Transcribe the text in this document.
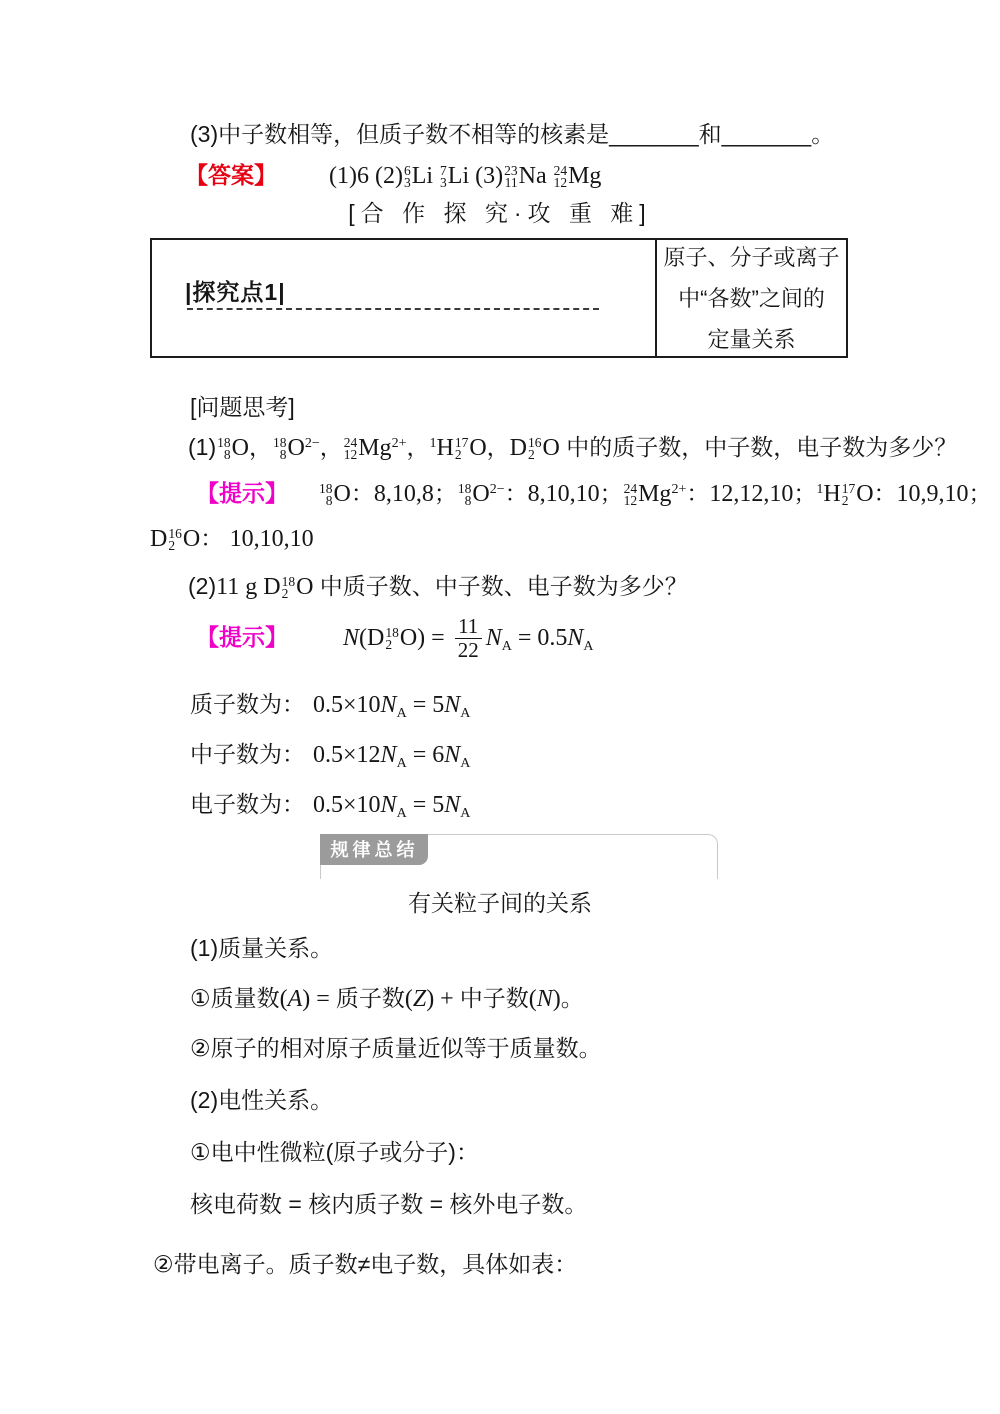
(3)中子数相等，但质子数不相等的核素是_______和_______。
【答案】 (1)6 (2) 6
3 Li 7
3 Li (3) 23
11 Na 24
12 Mg
[合 作 探 究·攻 重 难]
|探究点1|
原子、分子或离子
中“各数”之间的
定量关系
[问题思考]
(1) 18
8 O， 18
8 $O^{2-}$， 24
12 $Mg^{2+}$，$^1$H 17
2 O，D 16
2 O 中的质子数，中子数，电子数为多少？
【提示】 18
8 O：8,10,8； 18
8 $O^{2-}$：8,10,10； 24
12 $Mg^{2+}$：12,12,10；$^1$H 17
2 O：10,9,10；
D 16
2 O： 10,10,10
(2)11 g D 18
2 O 中质子数、中子数、电子数为多少？
【提示】 N(D 18
2 $O) = \frac{11}{22} N_A = 0.5N_A$
质子数为： $0.5\times 10N_A = 5N_A$
中子数为： $0.5\times 12N_A = 6N_A$
电子数为： $0.5\times 10N_A = 5N_A$
规律总结
有关粒子间的关系
(1)质量关系。
①质量数(A) = 质子数(Z) + 中子数(N)。
②原子的相对原子质量近似等于质量数。
(2)电性关系。
①电中性微粒(原子或分子)：
核电荷数 = 核内质子数 = 核外电子数。
②带电离子。质子数≠电子数，具体如表：
